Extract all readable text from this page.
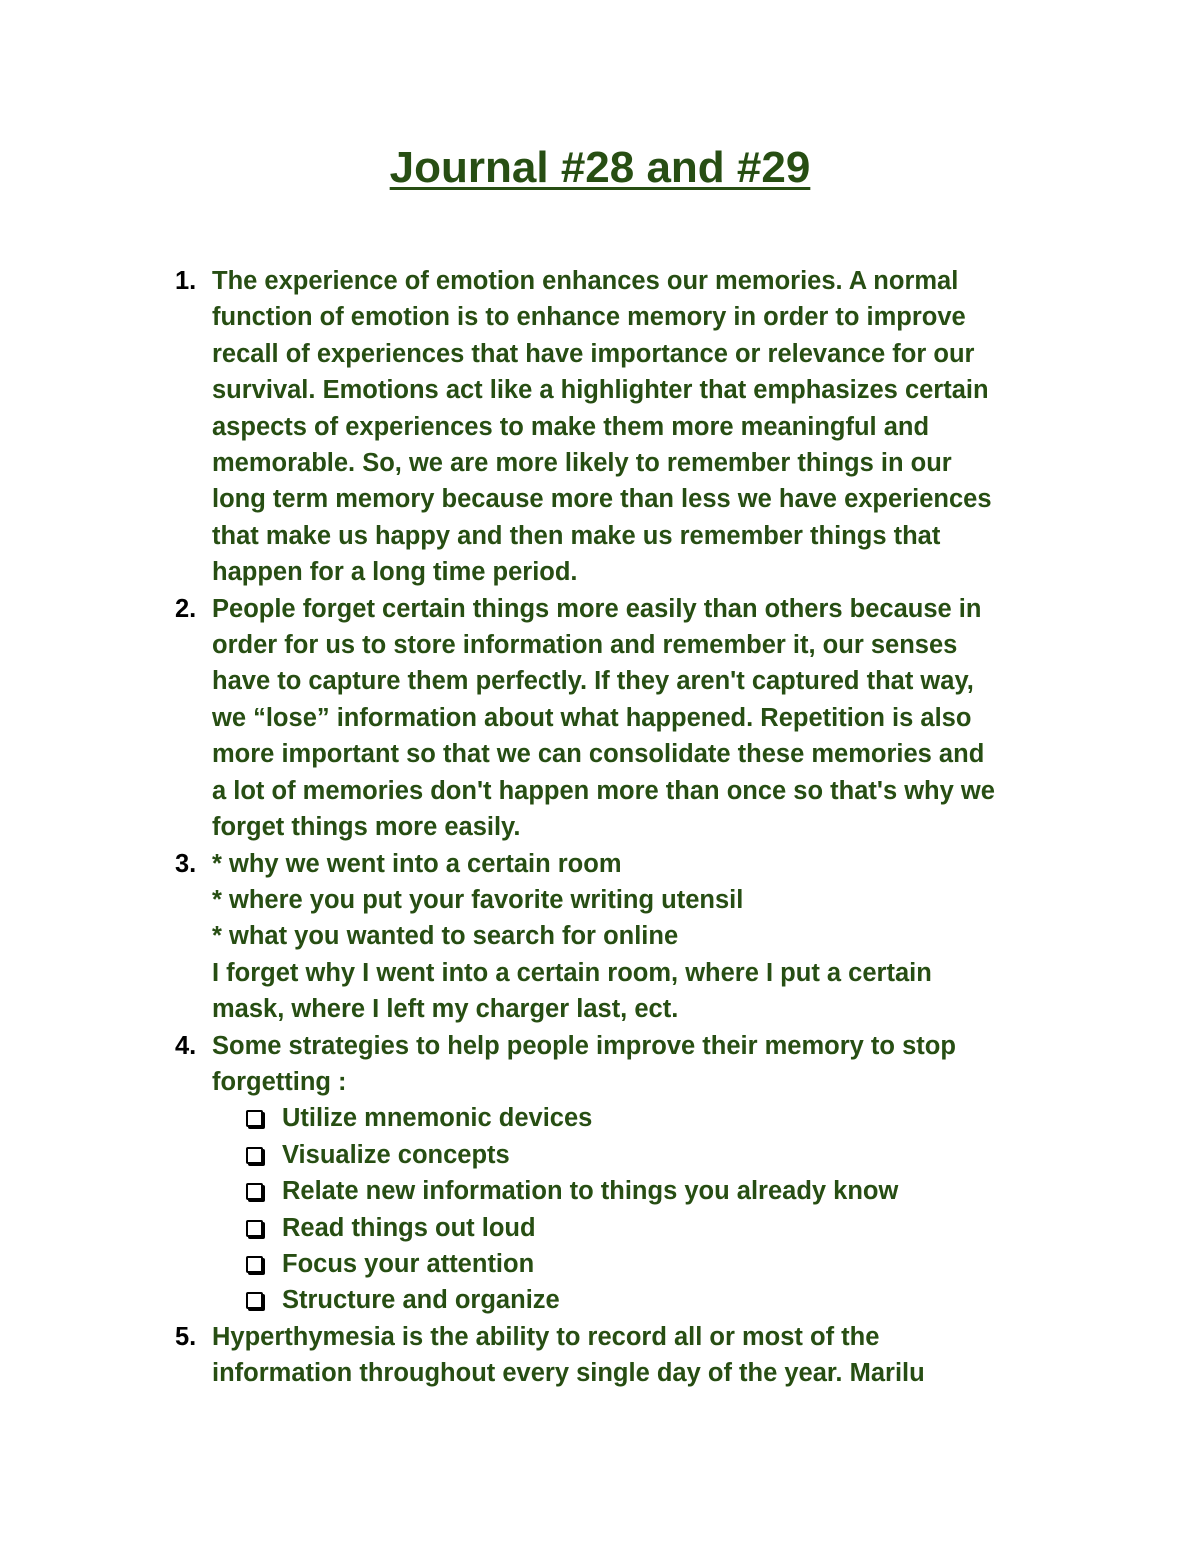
Journal #28 and #29
1. The experience of emotion enhances our memories. A normal
function of emotion is to enhance memory in order to improve
recall of experiences that have importance or relevance for our
survival. Emotions act like a highlighter that emphasizes certain
aspects of experiences to make them more meaningful and
memorable. So, we are more likely to remember things in our
long term memory because more than less we have experiences
that make us happy and then make us remember things that
happen for a long time period.
2. People forget certain things more easily than others because in
order for us to store information and remember it, our senses
have to capture them perfectly. If they aren't captured that way,
we “lose” information about what happened. Repetition is also
more important so that we can consolidate these memories and
a lot of memories don't happen more than once so that's why we
forget things more easily.
3. * why we went into a certain room
* where you put your favorite writing utensil
* what you wanted to search for online
I forget why I went into a certain room, where I put a certain
mask, where I left my charger last, ect.
4. Some strategies to help people improve their memory to stop
forgetting :
Utilize mnemonic devices
Visualize concepts
Relate new information to things you already know
Read things out loud
Focus your attention
Structure and organize
5. Hyperthymesia is the ability to record all or most of the
information throughout every single day of the year. Marilu
